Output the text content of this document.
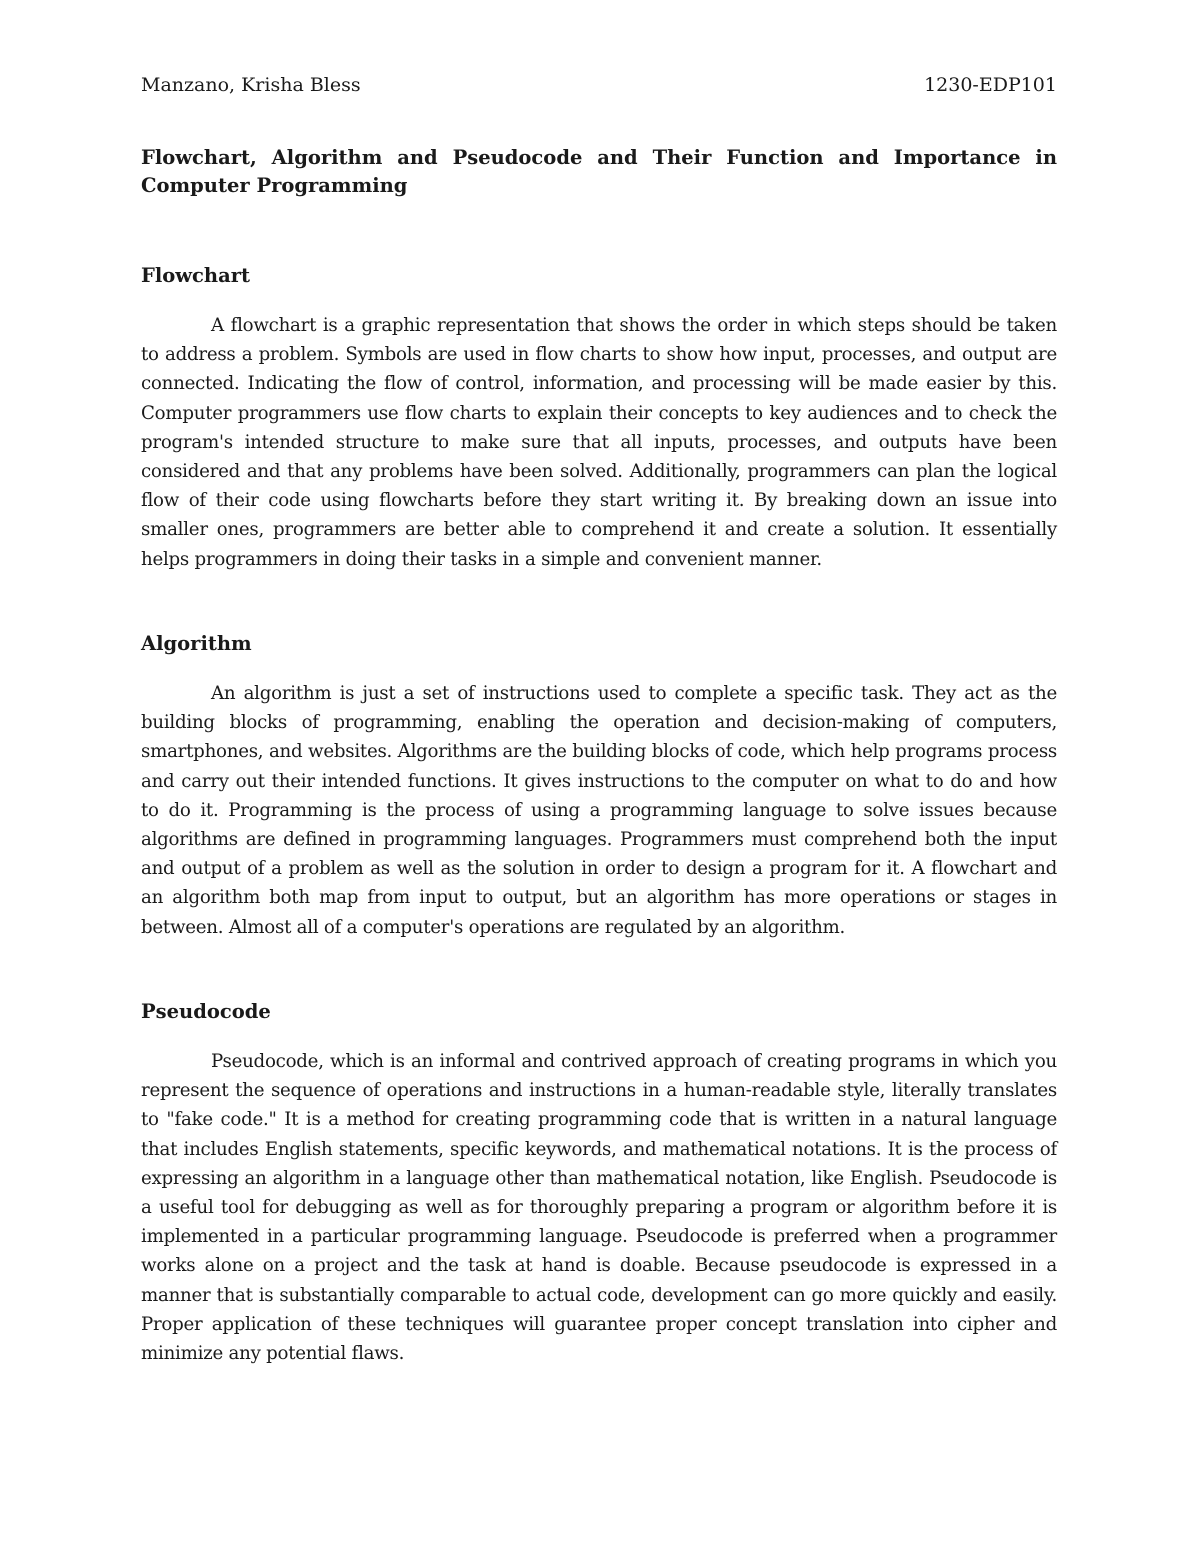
Manzano, Krisha Bless	1230-EDP101
Flowchart, Algorithm and Pseudocode and Their Function and Importance in Computer Programming
Flowchart

A flowchart is a graphic representation that shows the order in which steps should be taken to address a problem. Symbols are used in flow charts to show how input, processes, and output are connected. Indicating the flow of control, information, and processing will be made easier by this. Computer programmers use flow charts to explain their concepts to key audiences and to check the program's intended structure to make sure that all inputs, processes, and outputs have been considered and that any problems have been solved. Additionally, programmers can plan the logical flow of their code using flowcharts before they start writing it. By breaking down an issue into smaller ones, programmers are better able to comprehend it and create a solution. It essentially helps programmers in doing their tasks in a simple and convenient manner.

Algorithm

An algorithm is just a set of instructions used to complete a specific task. They act as the building blocks of programming, enabling the operation and decision-making of computers, smartphones, and websites. Algorithms are the building blocks of code, which help programs process and carry out their intended functions. It gives instructions to the computer on what to do and how to do it. Programming is the process of using a programming language to solve issues because algorithms are defined in programming languages. Programmers must comprehend both the input and output of a problem as well as the solution in order to design a program for it. A flowchart and an algorithm both map from input to output, but an algorithm has more operations or stages in between. Almost all of a computer's operations are regulated by an algorithm.

Pseudocode

Pseudocode, which is an informal and contrived approach of creating programs in which you represent the sequence of operations and instructions in a human-readable style, literally translates to "fake code." It is a method for creating programming code that is written in a natural language that includes English statements, specific keywords, and mathematical notations. It is the process of expressing an algorithm in a language other than mathematical notation, like English. Pseudocode is a useful tool for debugging as well as for thoroughly preparing a program or algorithm before it is implemented in a particular programming language. Pseudocode is preferred when a programmer works alone on a project and the task at hand is doable. Because pseudocode is expressed in a manner that is substantially comparable to actual code, development can go more quickly and easily. Proper application of these techniques will guarantee proper concept translation into cipher and minimize any potential flaws.
